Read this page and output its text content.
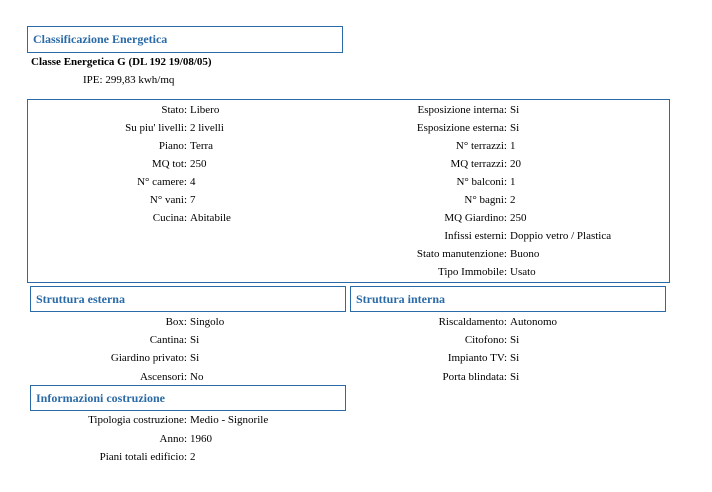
Classificazione Energetica
Classe Energetica G (DL 192 19/08/05)
IPE: 299,83 kwh/mq
Stato: Libero
Su piu' livelli: 2 livelli
Piano: Terra
MQ tot: 250
N° camere: 4
N° vani: 7
Cucina: Abitabile
Esposizione interna: Si
Esposizione esterna: Si
N° terrazzi: 1
MQ terrazzi: 20
N° balconi: 1
N° bagni: 2
MQ Giardino: 250
Infissi esterni: Doppio vetro / Plastica
Stato manutenzione: Buono
Tipo Immobile: Usato
Struttura esterna
Box: Singolo
Cantina: Si
Giardino privato: Si
Ascensori: No
Struttura interna
Riscaldamento: Autonomo
Citofono: Si
Impianto TV: Si
Porta blindata: Si
Informazioni costruzione
Tipologia costruzione: Medio - Signorile
Anno: 1960
Piani totali edificio: 2
